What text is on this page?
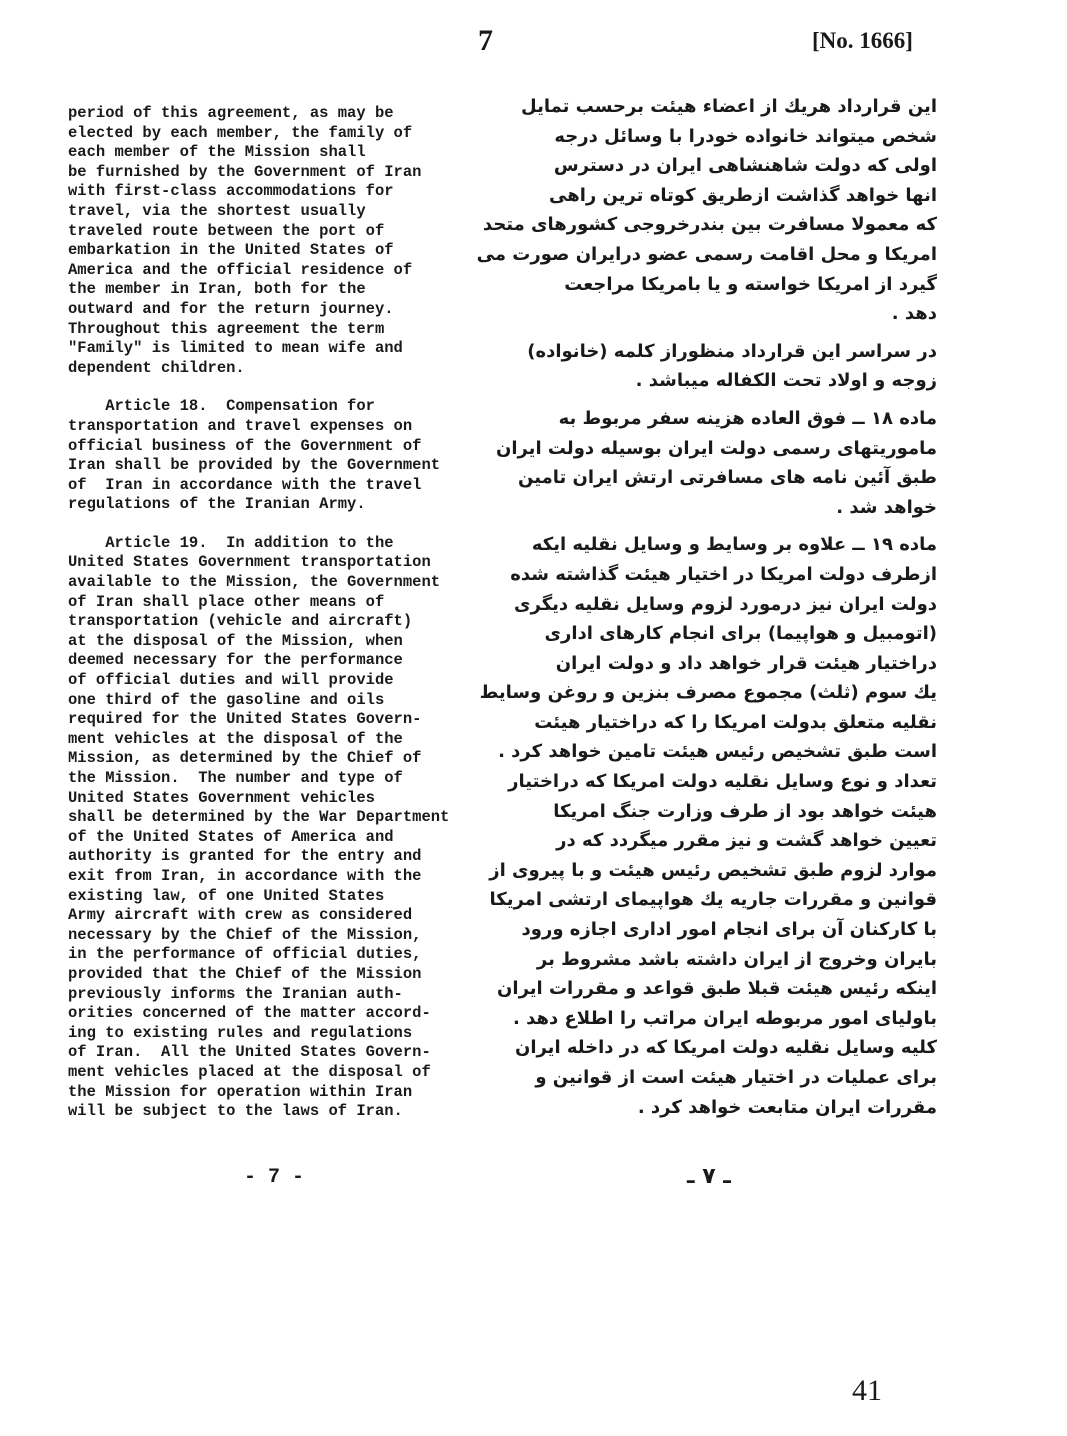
7	[No. 1666]
period of this agreement, as may be
elected by each member, the family of
each member of the Mission shall
be furnished by the Government of Iran
with first-class accommodations for
travel, via the shortest usually
traveled route between the port of
embarkation in the United States of
America and the official residence of
the member in Iran, both for the
outward and for the return journey.
Throughout this agreement the term
"Family" is limited to mean wife and
dependent children.
Article 18.  Compensation for
transportation and travel expenses on
official business of the Government of
Iran shall be provided by the Government
of  Iran in accordance with the travel
regulations of the Iranian Army.
Article 19.  In addition to the
United States Government transportation
available to the Mission, the Government
of Iran shall place other means of
transportation (vehicle and aircraft)
at the disposal of the Mission, when
deemed necessary for the performance
of official duties and will provide
one third of the gasoline and oils
required for the United States Govern-
ment vehicles at the disposal of the
Mission, as determined by the Chief of
the Mission.  The number and type of
United States Government vehicles
shall be determined by the War Department
of the United States of America and
authority is granted for the entry and
exit from Iran, in accordance with the
existing law, of one United States
Army aircraft with crew as considered
necessary by the Chief of the Mission,
in the performance of official duties,
provided that the Chief of the Mission
previously informs the Iranian auth-
orities concerned of the matter accord-
ing to existing rules and regulations
of Iran.  All the United States Govern-
ment vehicles placed at the disposal of
the Mission for operation within Iran
will be subject to the laws of Iran.
این قرارداد هریك از اعضاء هیئت برحسب تمایل
شخص میتواند خانواده خودرا با وسائل درجه
اولی که دولت شاهنشاهی ایران در دسترس
انها خواهد گذاشت ازطریق کوتاه ترین راهی
که معمولا مسافرت بین بندرخروجی کشورهای متحد
امریکا و محل اقامت رسمی عضو درایران صورت می
گیرد از امریکا خواسته و یا بامریکا مراجعت
دهد .
در سراسر این قرارداد منظوراز کلمه (خانواده)
زوجه و اولاد تحت الکفاله میباشد .
ماده ۱۸ ــ فوق العاده هزینه سفر مربوط به
ماموریتهای رسمی دولت ایران بوسیله دولت ایران
طبق آئین نامه های مسافرتی ارتش ایران تامین
خواهد شد .
ماده ۱۹ ــ علاوه بر وسایط و وسایل نقلیه ایکه
ازطرف دولت امریکا در اختیار هیئت گذاشته شده
دولت ایران نیز درمورد لزوم وسایل نقلیه دیگری
(اتومبیل و هواپیما) برای انجام کارهای اداری
دراختیار هیئت قرار خواهد داد و دولت ایران
یك سوم (ثلث) مجموع مصرف بنزین و روغن وسایط
نقلیه متعلق بدولت امریکا را که دراختیار هیئت
است طبق تشخیص رئیس هیئت تامین خواهد کرد .
تعداد و نوع وسایل نقلیه دولت امریکا که دراختیار
هیئت خواهد بود از طرف وزارت جنگ امریکا
تعیین خواهد گشت و نیز مقرر میگردد که در
موارد لزوم طبق تشخیص رئیس هیئت و با پیروی از
قوانین و مقررات جاریه یك هواپیمای ارتشی امریکا
با کارکنان آن برای انجام امور اداری اجازه ورود
بایران وخروج از ایران داشته باشد مشروط بر
اینکه رئیس هیئت قبلا طبق قواعد و مقررات ایران
باولیای امور مربوطه ایران مراتب را اطلاع دهد .
کلیه وسایل نقلیه دولت امریکا که در داخله ایران
برای عملیات در اختیار هیئت است از قوانین و
مقررات ایران متابعت خواهد کرد .
- 7 -	ـ ۷ ـ
41
